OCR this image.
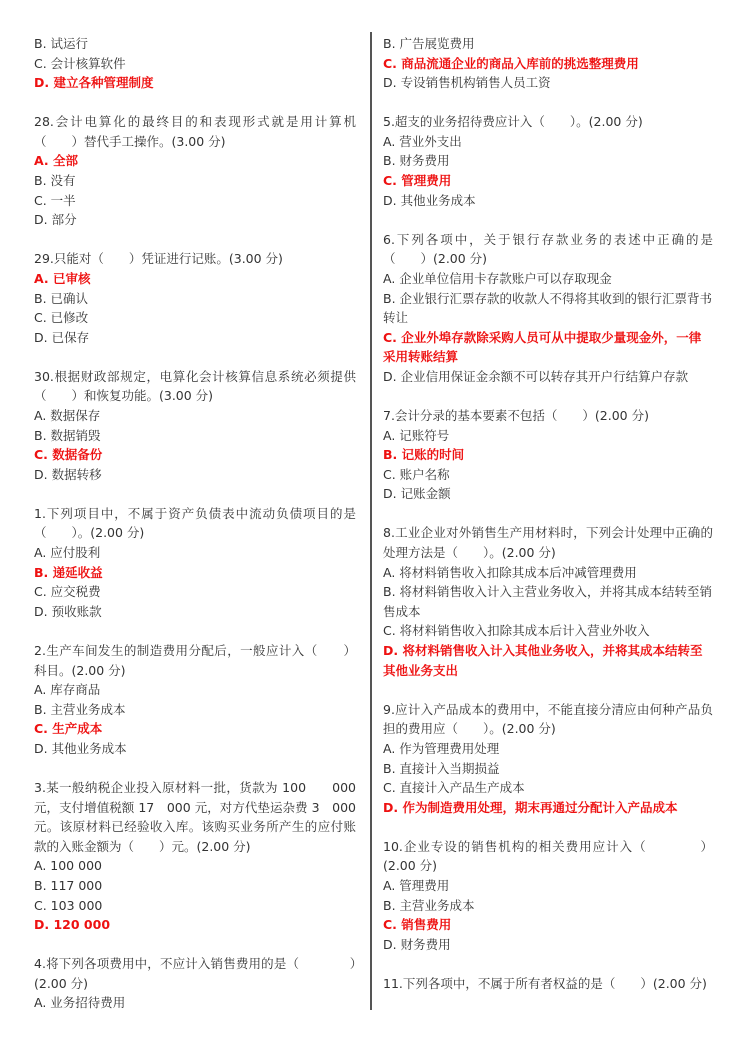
B. 试运行
C. 会计核算软件
D. 建立各种管理制度
28.会计电算化的最终目的和表现形式就是用计算机（　　）替代手工操作。(3.00 分)
A. 全部
B. 没有
C. 一半
D. 部分
29.只能对（　　）凭证进行记账。(3.00 分)
A. 已审核
B. 已确认
C. 已修改
D. 已保存
30.根据财政部规定，电算化会计核算信息系统必须提供（　　）和恢复功能。(3.00 分)
A. 数据保存
B. 数据销毁
C. 数据备份
D. 数据转移
1.下列项目中，不属于资产负债表中流动负债项目的是（　　）。(2.00 分)
A. 应付股利
B. 递延收益
C. 应交税费
D. 预收账款
2.生产车间发生的制造费用分配后，一般应计入（　　）科目。(2.00 分)
A. 库存商品
B. 主营业务成本
C. 生产成本
D. 其他业务成本
3.某一般纳税企业投入原材料一批，货款为 100　　000 元，支付增值税额 17　000 元，对方代垫运杂费 3　000 元。该原材料已经验收入库。该购买业务所产生的应付账款的入账金额为（　　）元。(2.00 分)
A. 100 000
B. 117 000
C. 103 000
D. 120 000
4.将下列各项费用中，不应计入销售费用的是（　　　　）(2.00 分)
A. 业务招待费用
B. 广告展览费用
C. 商品流通企业的商品入库前的挑选整理费用
D. 专设销售机构销售人员工资
5.超支的业务招待费应计入（　　）。(2.00 分)
A. 营业外支出
B. 财务费用
C. 管理费用
D. 其他业务成本
6.下列各项中，关于银行存款业务的表述中正确的是（　　）(2.00 分)
A. 企业单位信用卡存款账户可以存取现金
B. 企业银行汇票存款的收款人不得将其收到的银行汇票背书转让
C. 企业外埠存款除采购人员可从中提取少量现金外，一律采用转账结算
D. 企业信用保证金余额不可以转存其开户行结算户存款
7.会计分录的基本要素不包括（　　）(2.00 分)
A. 记账符号
B. 记账的时间
C. 账户名称
D. 记账金额
8.工业企业对外销售生产用材料时，下列会计处理中正确的处理方法是（　　）。(2.00 分)
A. 将材料销售收入扣除其成本后冲减管理费用
B. 将材料销售收入计入主营业务收入，并将其成本结转至销售成本
C. 将材料销售收入扣除其成本后计入营业外收入
D. 将材料销售收入计入其他业务收入，并将其成本结转至其他业务支出
9.应计入产品成本的费用中，不能直接分清应由何种产品负担的费用应（　　）。(2.00 分)
A. 作为管理费用处理
B. 直接计入当期损益
C. 直接计入产品生产成本
D. 作为制造费用处理，期末再通过分配计入产品成本
10.企业专设的销售机构的相关费用应计入（　　　　）(2.00 分)
A. 管理费用
B. 主营业务成本
C. 销售费用
D. 财务费用
11.下列各项中，不属于所有者权益的是（　　）(2.00 分)
